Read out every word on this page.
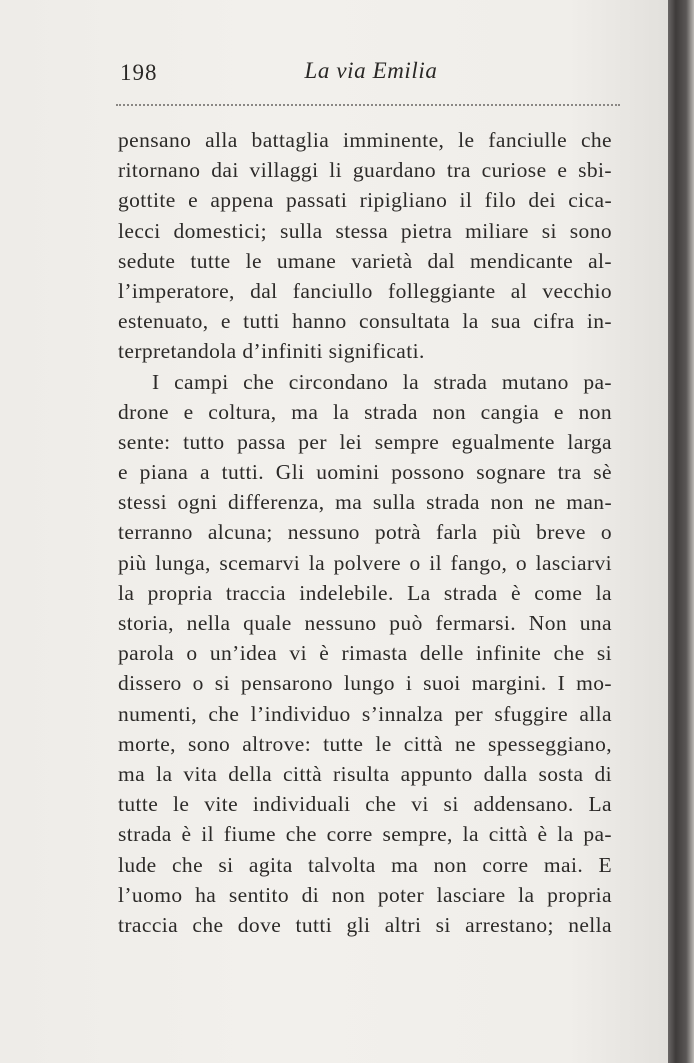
198	La via Emilia
pensano alla battaglia imminente, le fanciulle che
ritornano dai villaggi li guardano tra curiose e sbi-
gottite e appena passati ripigliano il filo dei cica-
lecci domestici; sulla stessa pietra miliare si sono
sedute tutte le umane varietà dal mendicante al-
l’imperatore, dal fanciullo folleggiante al vecchio
estenuato, e tutti hanno consultata la sua cifra in-
terpretandola d’infiniti significati.
I campi che circondano la strada mutano pa-
drone e coltura, ma la strada non cangia e non
sente: tutto passa per lei sempre egualmente larga
e piana a tutti. Gli uomini possono sognare tra sè
stessi ogni differenza, ma sulla strada non ne man-
terranno alcuna; nessuno potrà farla più breve o
più lunga, scemarvi la polvere o il fango, o lasciarvi
la propria traccia indelebile. La strada è come la
storia, nella quale nessuno può fermarsi. Non una
parola o un’idea vi è rimasta delle infinite che si
dissero o si pensarono lungo i suoi margini. I mo-
numenti, che l’individuo s’innalza per sfuggire alla
morte, sono altrove: tutte le città ne spesseggiano,
ma la vita della città risulta appunto dalla sosta di
tutte le vite individuali che vi si addensano. La
strada è il fiume che corre sempre, la città è la pa-
lude che si agita talvolta ma non corre mai. E
l’uomo ha sentito di non poter lasciare la propria
traccia che dove tutti gli altri si arrestano; nella
